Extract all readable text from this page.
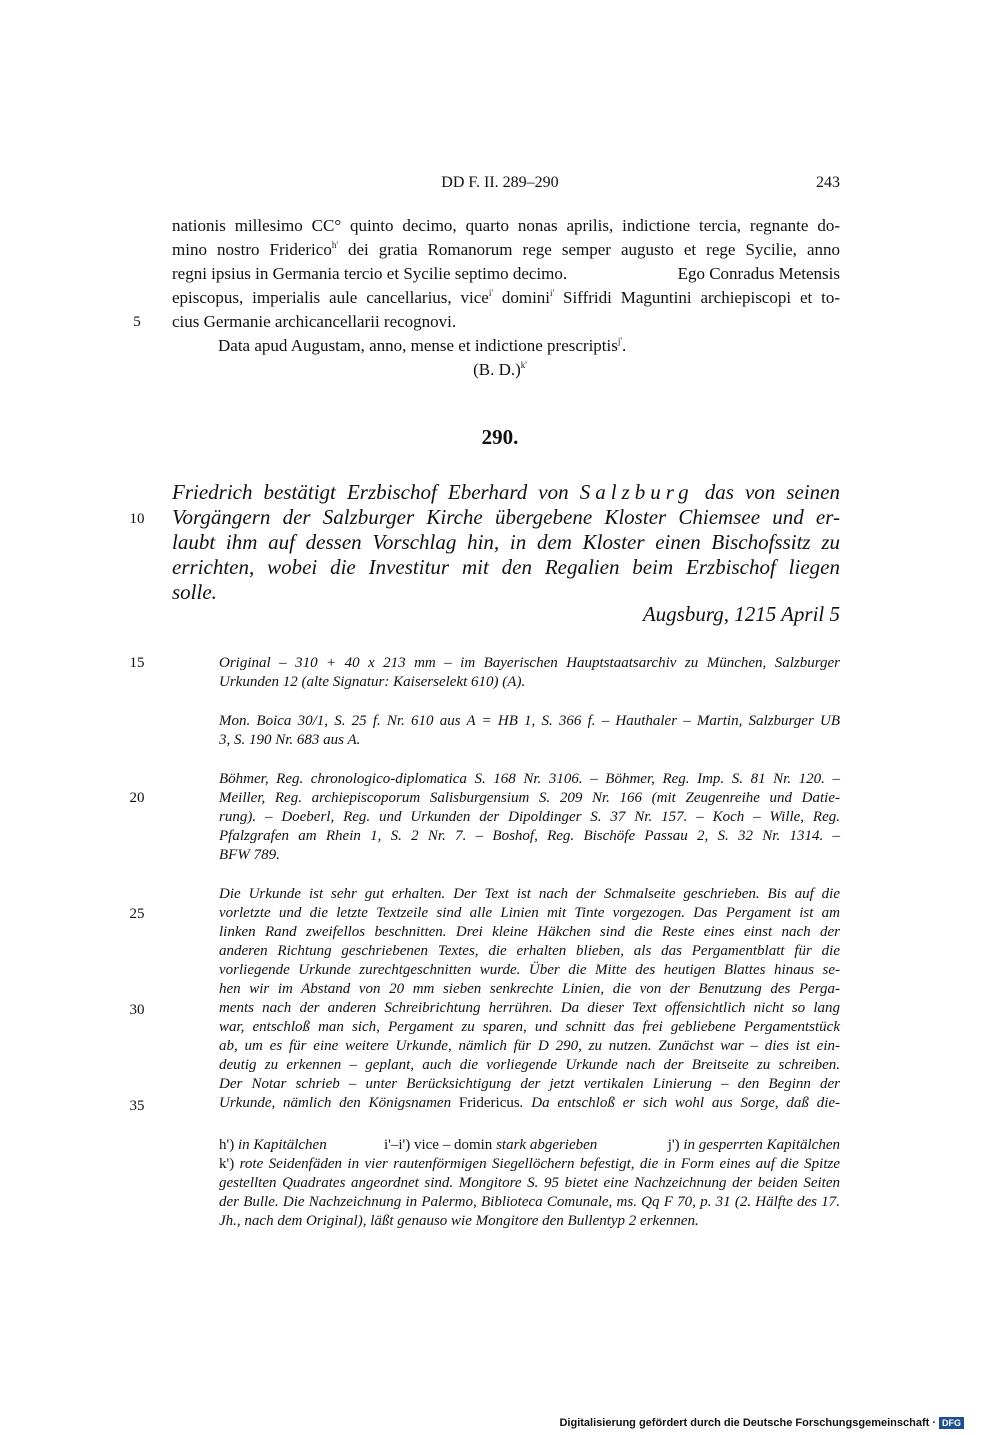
DD F. II. 289–290	243
nationis millesimo CC° quinto decimo, quarto nonas aprilis, indictione tercia, regnante do-
mino nostro Friderico$^{h'}$ dei gratia Romanorum rege semper augusto et rege Sycilie, anno
regni ipsius in Germania tercio et Sycilie septimo decimo.	Ego Conradus Metensis
episcopus, imperialis aule cancellarius, vice$^{i'}$ domini$^{i'}$ Siffridi Maguntini archiepiscopi et to-
cius Germanie archicancellarii recognovi.
Data apud Augustam, anno, mense et indictione prescriptis$^{j'}$.
(B. D.)$^{k'}$
5
10
15
20
25
30
35
290.
Friedrich bestätigt Erzbischof Eberhard von Salzburg das von seinen
Vorgängern der Salzburger Kirche übergebene Kloster Chiemsee und er-
laubt ihm auf dessen Vorschlag hin, in dem Kloster einen Bischofssitz zu
errichten, wobei die Investitur mit den Regalien beim Erzbischof liegen
solle.
Augsburg, 1215 April 5
Original – 310 + 40 x 213 mm – im Bayerischen Hauptstaatsarchiv zu München, Salzburger
Urkunden 12 (alte Signatur: Kaiserselekt 610) (A).
Mon. Boica 30/1, S. 25 f. Nr. 610 aus A = HB 1, S. 366 f. – Hauthaler – Martin, Salzburger UB
3, S. 190 Nr. 683 aus A.
Böhmer, Reg. chronologico-diplomatica S. 168 Nr. 3106. – Böhmer, Reg. Imp. S. 81 Nr. 120. –
Meiller, Reg. archiepiscoporum Salisburgensium S. 209 Nr. 166 (mit Zeugenreihe und Datie-
rung). – Doeberl, Reg. und Urkunden der Dipoldinger S. 37 Nr. 157. – Koch – Wille, Reg.
Pfalzgrafen am Rhein 1, S. 2 Nr. 7. – Boshof, Reg. Bischöfe Passau 2, S. 32 Nr. 1314. –
BFW 789.
Die Urkunde ist sehr gut erhalten. Der Text ist nach der Schmalseite geschrieben. Bis auf die
vorletzte und die letzte Textzeile sind alle Linien mit Tinte vorgezogen. Das Pergament ist am
linken Rand zweifellos beschnitten. Drei kleine Häkchen sind die Reste eines einst nach der
anderen Richtung geschriebenen Textes, die erhalten blieben, als das Pergamentblatt für die
vorliegende Urkunde zurechtgeschnitten wurde. Über die Mitte des heutigen Blattes hinaus se-
hen wir im Abstand von 20 mm sieben senkrechte Linien, die von der Benutzung des Perga-
ments nach der anderen Schreibrichtung herrühren. Da dieser Text offensichtlich nicht so lang
war, entschloß man sich, Pergament zu sparen, und schnitt das frei gebliebene Pergamentstück
ab, um es für eine weitere Urkunde, nämlich für D 290, zu nutzen. Zunächst war – dies ist ein-
deutig zu erkennen – geplant, auch die vorliegende Urkunde nach der Breitseite zu schreiben.
Der Notar schrieb – unter Berücksichtigung der jetzt vertikalen Linierung – den Beginn der
Urkunde, nämlich den Königsnamen Fridericus. Da entschloß er sich wohl aus Sorge, daß die-
h') in Kapitälchen	i'–i') vice – domin stark abgerieben	j') in gesperrten Kapitälchen
k') rote Seidenfäden in vier rautenförmigen Siegellöchern befestigt, die in Form eines auf die Spitze
gestellten Quadrates angeordnet sind. Mongitore S. 95 bietet eine Nachzeichnung der beiden Seiten
der Bulle. Die Nachzeichnung in Palermo, Biblioteca Comunale, ms. Qq F 70, p. 31 (2. Hälfte des 17.
Jh., nach dem Original), läßt genauso wie Mongitore den Bullentyp 2 erkennen.
Digitalisierung gefördert durch die Deutsche Forschungsgemeinschaft · DFG
